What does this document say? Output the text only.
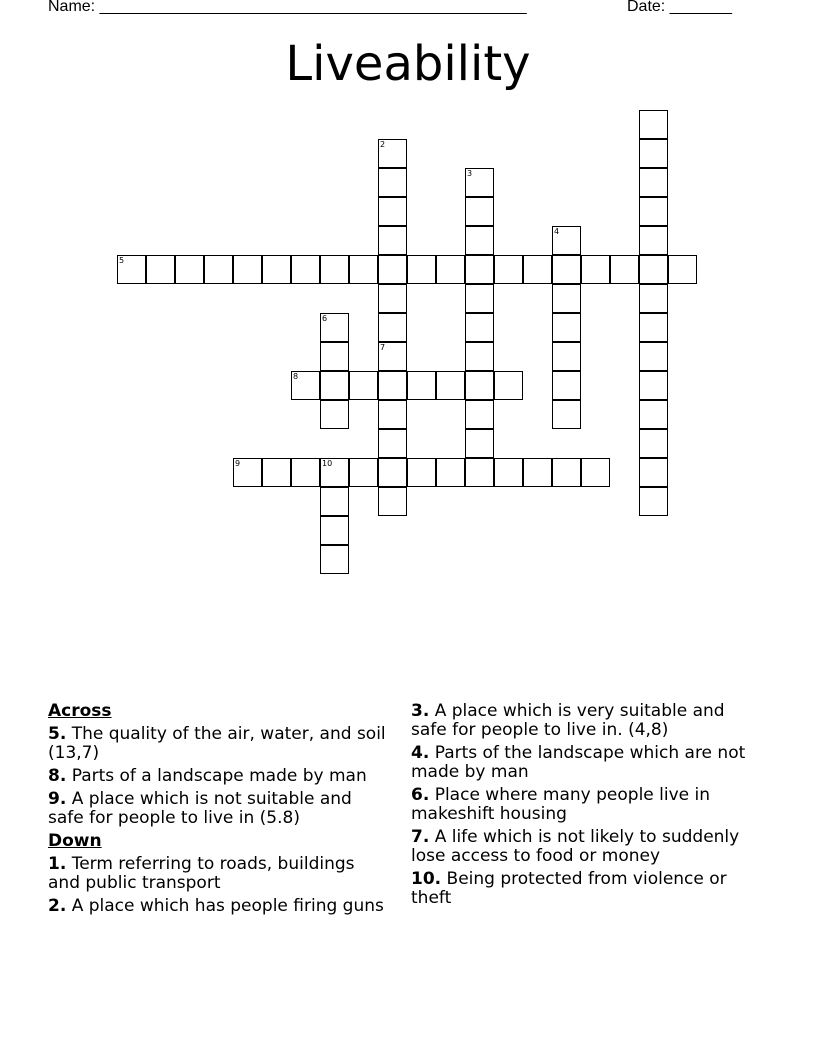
Name: ________________________________________________	Date: _______
Liveability
2
3
4
5
6
7
8
9	10
Across
5. The quality of the air, water, and soil (13,7)
8. Parts of a landscape made by man
9. A place which is not suitable and safe for people to live in (5.8)
Down
1. Term referring to roads, buildings and public transport
2. A place which has people firing guns
3. A place which is very suitable and safe for people to live in. (4,8)
4. Parts of the landscape which are not made by man
6. Place where many people live in makeshift housing
7. A life which is not likely to suddenly lose access to food or money
10. Being protected from violence or theft
